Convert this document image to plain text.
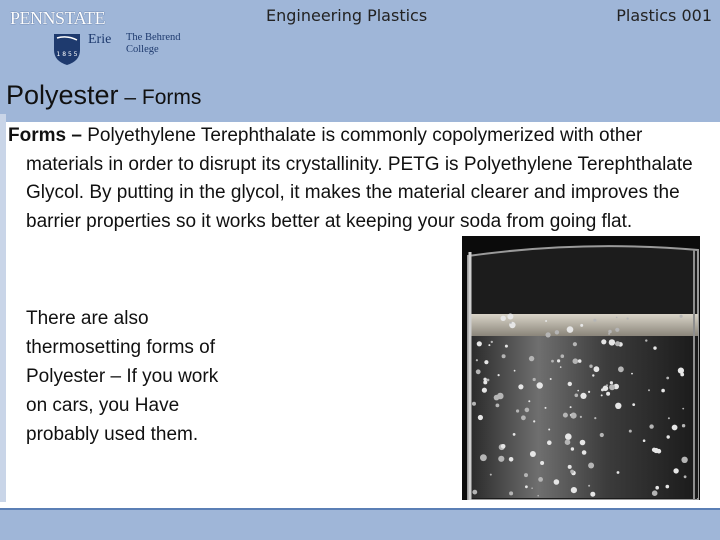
PENNSTATE
1 8 5 5
Erie The Behrend College
Engineering Plastics	Plastics 001
Polyester – Forms
Forms – Polyethylene Terephthalate is commonly copolymerized with other materials in order to disrupt its crystallinity. PETG is Polyethylene Terephthalate Glycol. By putting in the glycol, it makes the material clearer and improves the barrier properties so it works better at keeping your soda from going flat.
There are also thermosetting forms of Polyester – If you work on cars, you Have probably used them.
